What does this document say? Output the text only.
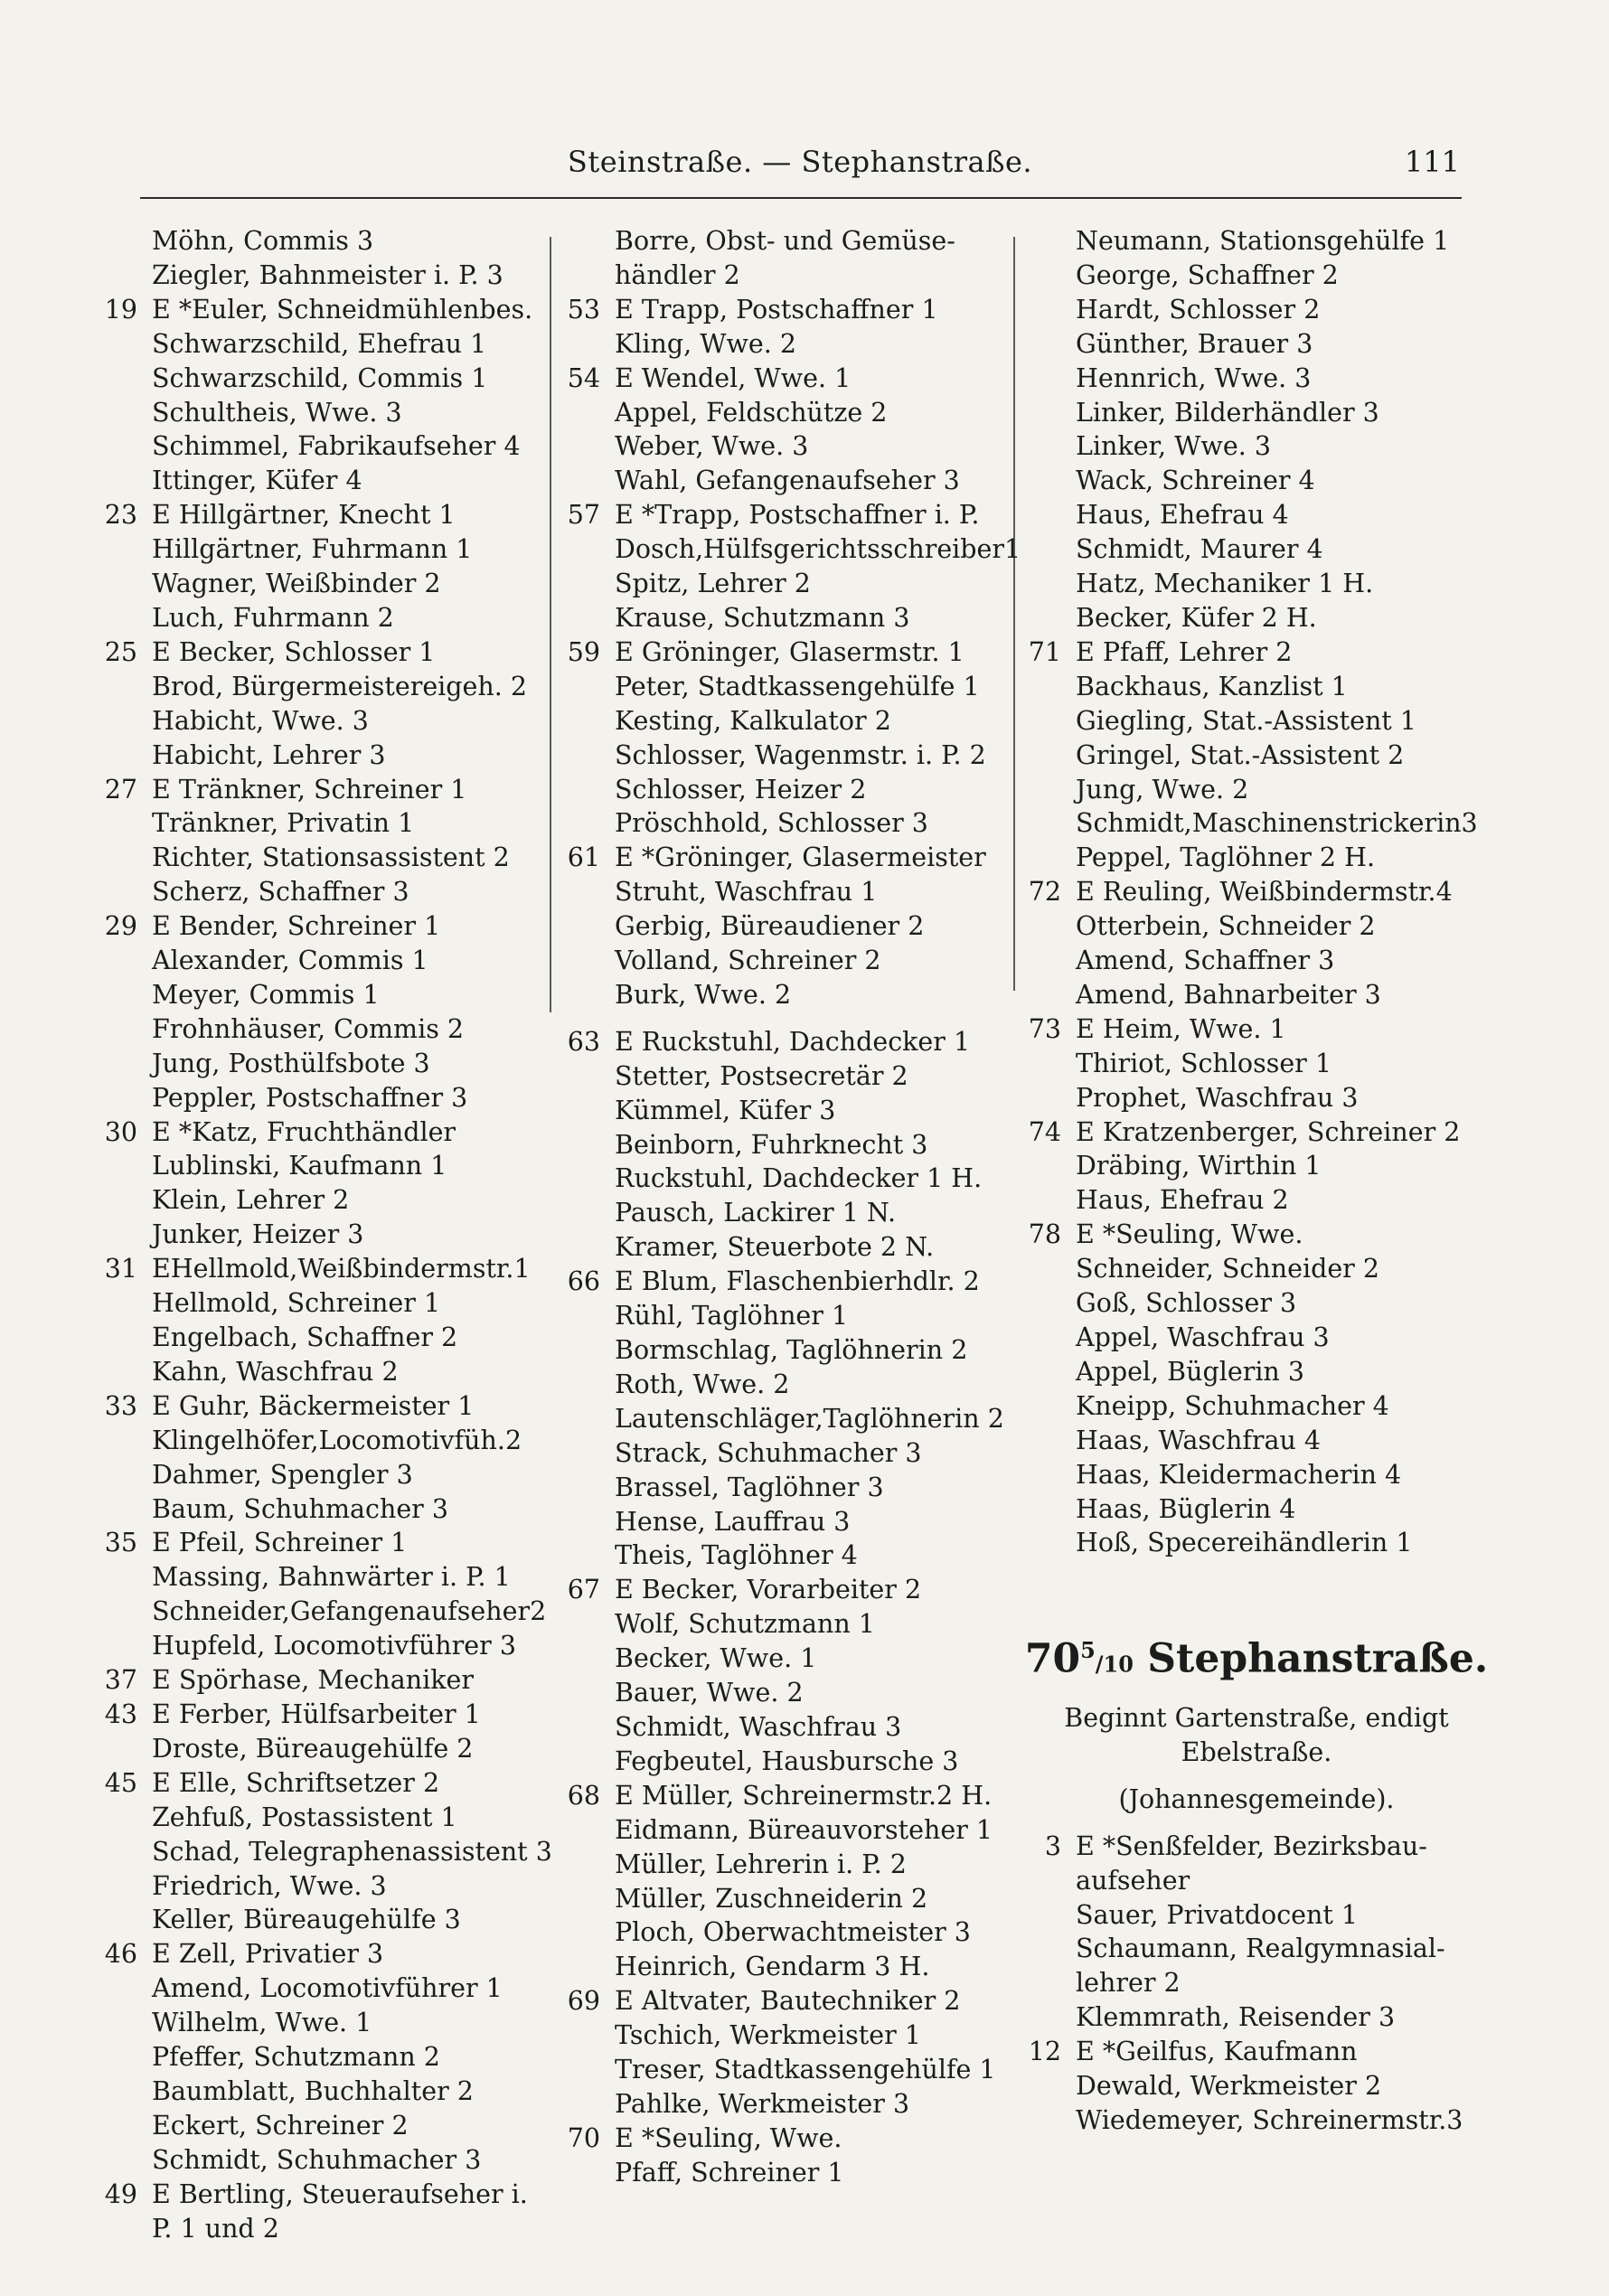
Steinstraße. — Stephanstraße.	111
Möhn, Commis 3
Ziegler, Bahnmeister i. P. 3
19 E *Euler, Schneidmühlenbes.
Schwarzschild, Ehefrau 1
Schwarzschild, Commis 1
Schultheis, Wwe. 3
Schimmel, Fabrikaufseher 4
Ittinger, Küfer 4
23 E Hillgärtner, Knecht 1
Hillgärtner, Fuhrmann 1
Wagner, Weißbinder 2
Luch, Fuhrmann 2
25 E Becker, Schlosser 1
Brod, Bürgermeistereigeh. 2
Habicht, Wwe. 3
Habicht, Lehrer 3
27 E Tränkner, Schreiner 1
Tränkner, Privatin 1
Richter, Stationsassistent 2
Scherz, Schaffner 3
29 E Bender, Schreiner 1
Alexander, Commis 1
Meyer, Commis 1
Frohnhäuser, Commis 2
Jung, Posthülfsbote 3
Peppler, Postschaffner 3
30 E *Katz, Fruchthändler
Lublinski, Kaufmann 1
Klein, Lehrer 2
Junker, Heizer 3
31 EHellmold,Weißbindermstr.1
Hellmold, Schreiner 1
Engelbach, Schaffner 2
Kahn, Waschfrau 2
33 E Guhr, Bäckermeister 1
Klingelhöfer,Locomotivfüh.2
Dahmer, Spengler 3
Baum, Schuhmacher 3
35 E Pfeil, Schreiner 1
Massing, Bahnwärter i. P. 1
Schneider,Gefangenaufseher2
Hupfeld, Locomotivführer 3
37 E Spörhase, Mechaniker
43 E Ferber, Hülfsarbeiter 1
Droste, Büreaugehülfe 2
45 E Elle, Schriftsetzer 2
Zehfuß, Postassistent 1
Schad, Telegraphenassistent 3
Friedrich, Wwe. 3
Keller, Büreaugehülfe 3
46 E Zell, Privatier 3
Amend, Locomotivführer 1
Wilhelm, Wwe. 1
Pfeffer, Schutzmann 2
Baumblatt, Buchhalter 2
Eckert, Schreiner 2
Schmidt, Schuhmacher 3
49 E Bertling, Steueraufseher i.
P. 1 und 2
Borre, Obst- und Gemüse-
händler 2
53 E Trapp, Postschaffner 1
Kling, Wwe. 2
54 E Wendel, Wwe. 1
Appel, Feldschütze 2
Weber, Wwe. 3
Wahl, Gefangenaufseher 3
57 E *Trapp, Postschaffner i. P.
Dosch,Hülfsgerichtsschreiber1
Spitz, Lehrer 2
Krause, Schutzmann 3
59 E Gröninger, Glasermstr. 1
Peter, Stadtkassengehülfe 1
Kesting, Kalkulator 2
Schlosser, Wagenmstr. i. P. 2
Schlosser, Heizer 2
Pröschhold, Schlosser 3
61 E *Gröninger, Glasermeister
Struht, Waschfrau 1
Gerbig, Büreaudiener 2
Volland, Schreiner 2
Burk, Wwe. 2
63 E Ruckstuhl, Dachdecker 1
Stetter, Postsecretär 2
Kümmel, Küfer 3
Beinborn, Fuhrknecht 3
Ruckstuhl, Dachdecker 1 H.
Pausch, Lackirer 1 N.
Kramer, Steuerbote 2 N.
66 E Blum, Flaschenbierhdlr. 2
Rühl, Taglöhner 1
Bormschlag, Taglöhnerin 2
Roth, Wwe. 2
Lautenschläger,Taglöhnerin 2
Strack, Schuhmacher 3
Brassel, Taglöhner 3
Hense, Lauffrau 3
Theis, Taglöhner 4
67 E Becker, Vorarbeiter 2
Wolf, Schutzmann 1
Becker, Wwe. 1
Bauer, Wwe. 2
Schmidt, Waschfrau 3
Fegbeutel, Hausbursche 3
68 E Müller, Schreinermstr.2 H.
Eidmann, Büreauvorsteher 1
Müller, Lehrerin i. P. 2
Müller, Zuschneiderin 2
Ploch, Oberwachtmeister 3
Heinrich, Gendarm 3 H.
69 E Altvater, Bautechniker 2
Tschich, Werkmeister 1
Treser, Stadtkassengehülfe 1
Pahlke, Werkmeister 3
70 E *Seuling, Wwe.
Pfaff, Schreiner 1
Neumann, Stationsgehülfe 1
George, Schaffner 2
Hardt, Schlosser 2
Günther, Brauer 3
Hennrich, Wwe. 3
Linker, Bilderhändler 3
Linker, Wwe. 3
Wack, Schreiner 4
Haus, Ehefrau 4
Schmidt, Maurer 4
Hatz, Mechaniker 1 H.
Becker, Küfer 2 H.
71 E Pfaff, Lehrer 2
Backhaus, Kanzlist 1
Giegling, Stat.-Assistent 1
Gringel, Stat.-Assistent 2
Jung, Wwe. 2
Schmidt,Maschinenstrickerin3
Peppel, Taglöhner 2 H.
72 E Reuling, Weißbindermstr.4
Otterbein, Schneider 2
Amend, Schaffner 3
Amend, Bahnarbeiter 3
73 E Heim, Wwe. 1
Thiriot, Schlosser 1
Prophet, Waschfrau 3
74 E Kratzenberger, Schreiner 2
Dräbing, Wirthin 1
Haus, Ehefrau 2
78 E *Seuling, Wwe.
Schneider, Schneider 2
Goß, Schlosser 3
Appel, Waschfrau 3
Appel, Büglerin 3
Kneipp, Schuhmacher 4
Haas, Waschfrau 4
Haas, Kleidermacherin 4
Haas, Büglerin 4
Hoß, Specereihändlerin 1
$70^5/10$ Stephanstraße.
Beginnt Gartenstraße, endigt
Ebelstraße.
(Johannesgemeinde).
3 E *Senßfelder, Bezirksbau-
aufseher
Sauer, Privatdocent 1
Schaumann, Realgymnasial-
lehrer 2
Klemmrath, Reisender 3
12 E *Geilfus, Kaufmann
Dewald, Werkmeister 2
Wiedemeyer, Schreinermstr.3
